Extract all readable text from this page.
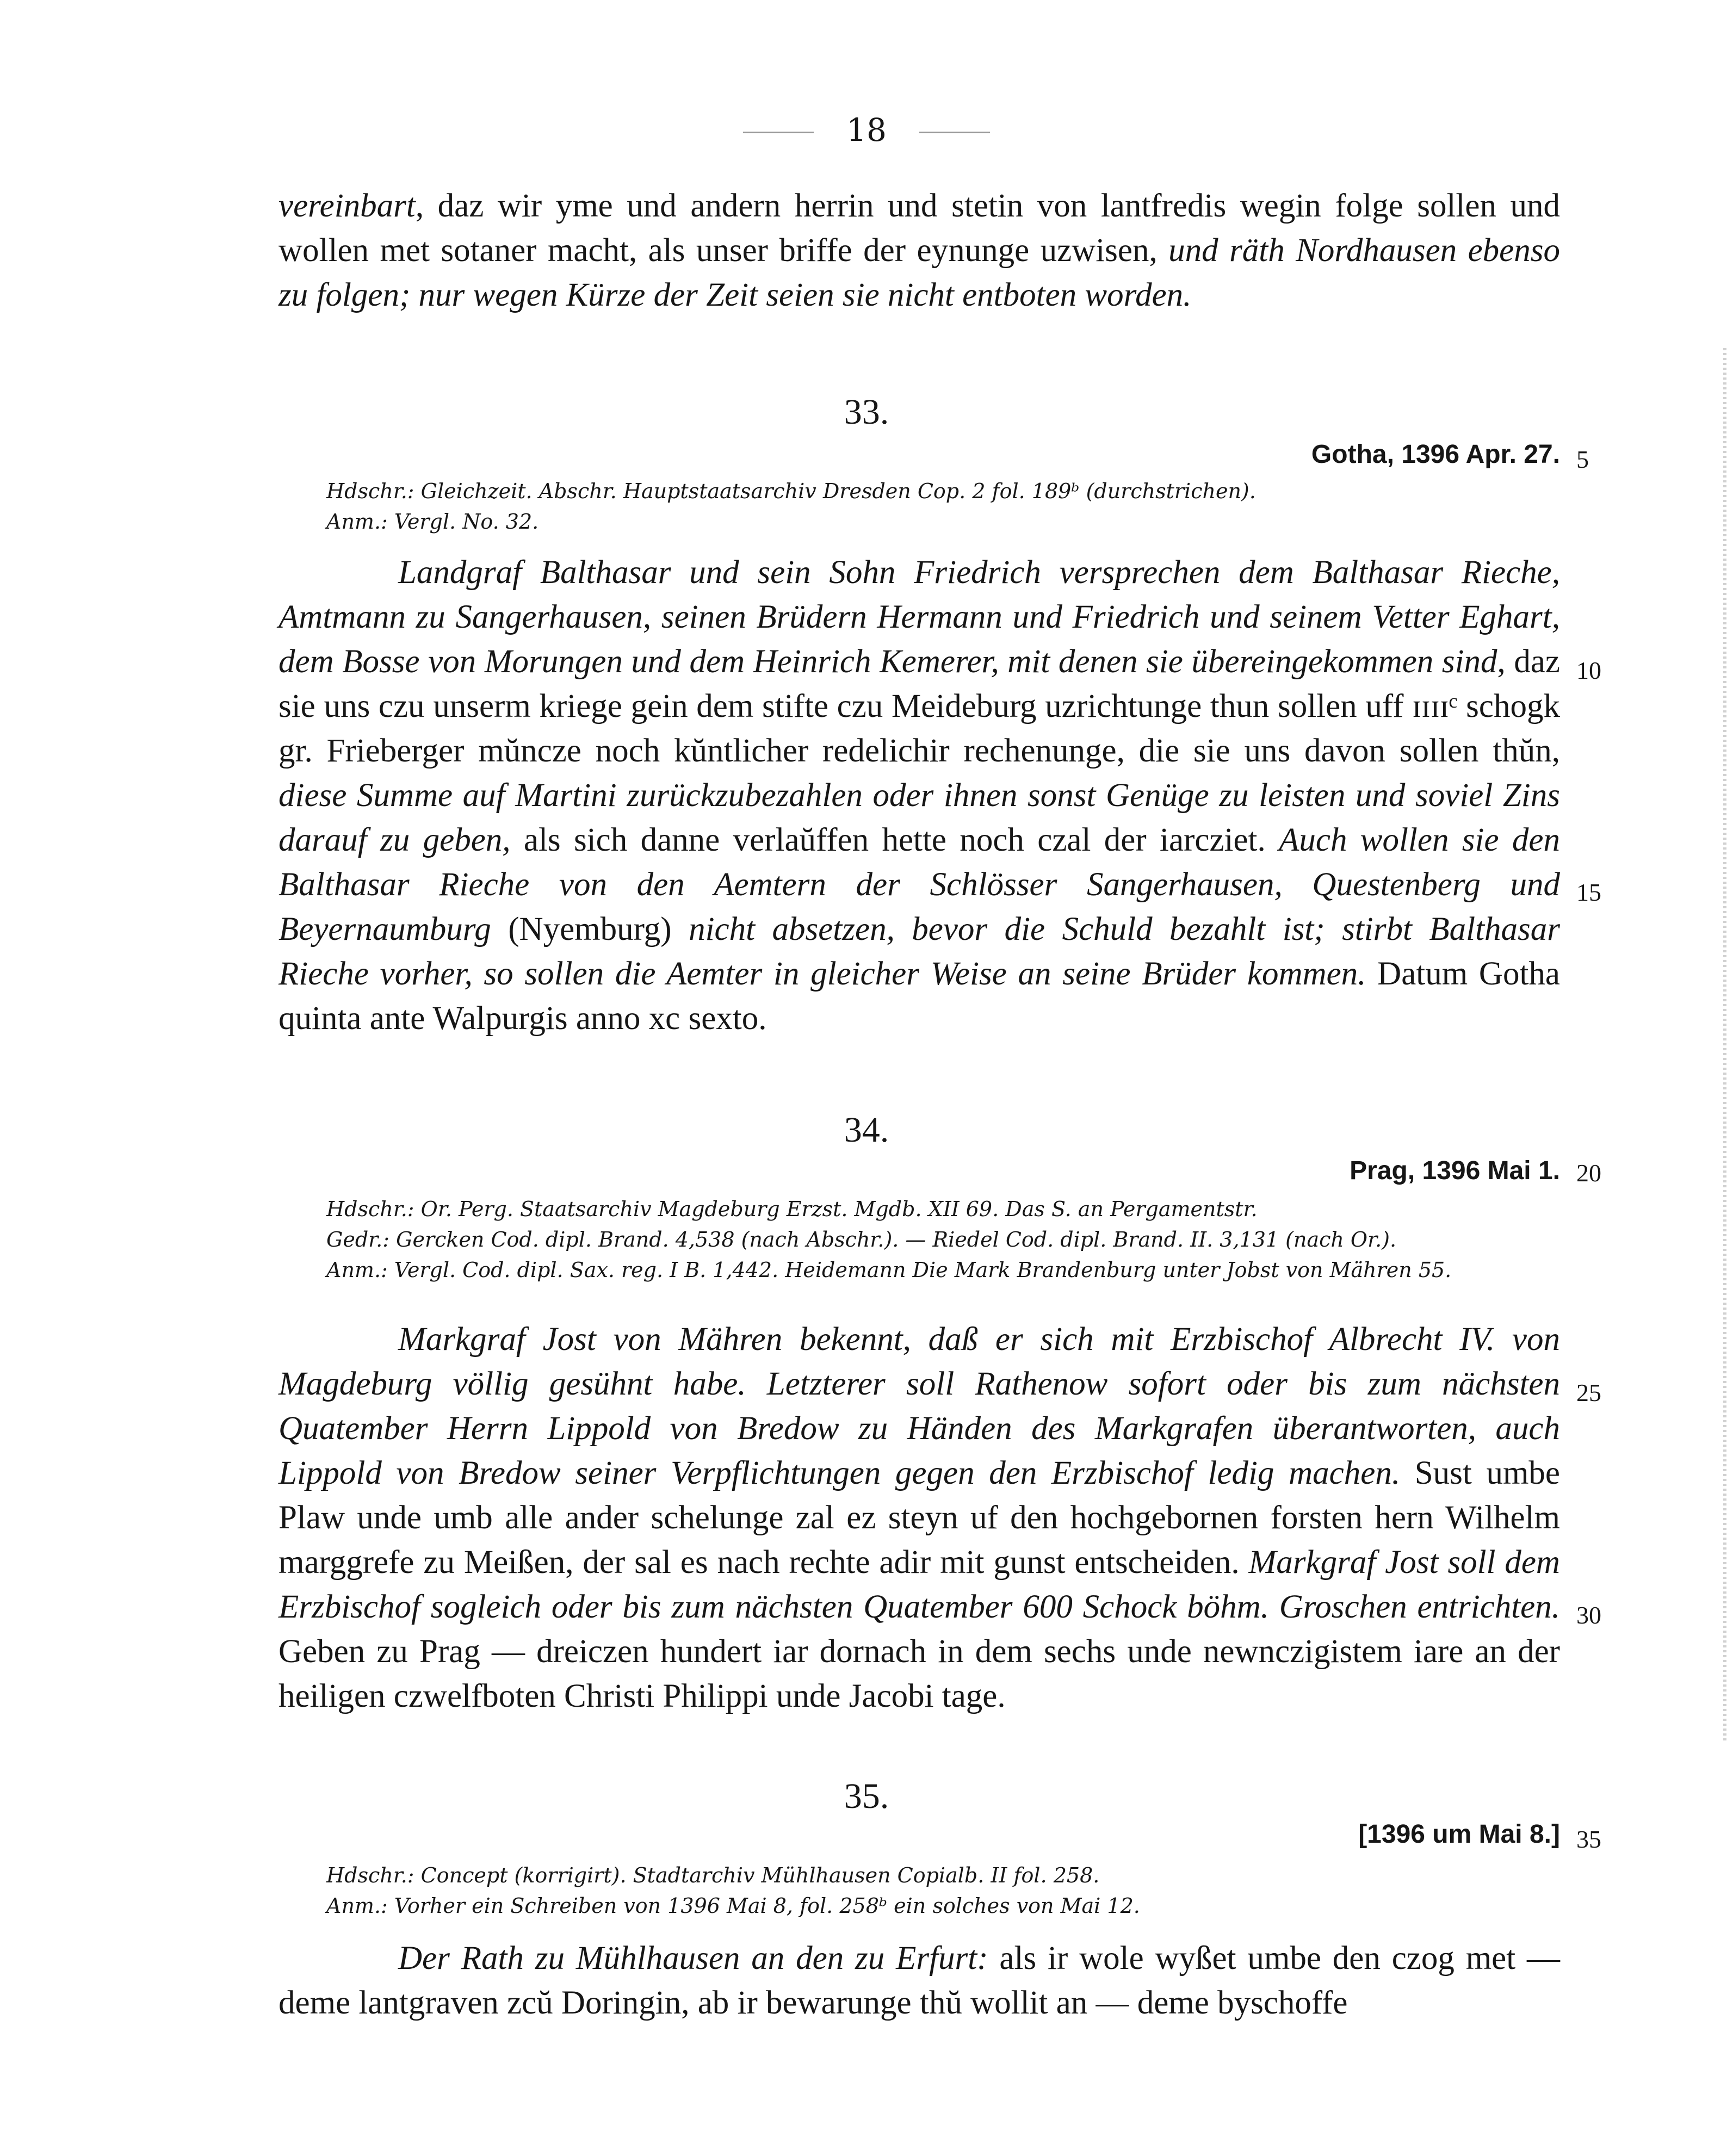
18

vereinbart, daz wir yme und andern herrin und stetin von lantfredis wegin folge sollen und wollen met sotaner macht, als unser briffe der eynunge uzwisen, und räth Nordhausen ebenso zu folgen; nur wegen Kürze der Zeit seien sie nicht entboten worden.

33.

Gotha, 1396 Apr. 27.

Hdschr.: Gleichzeit. Abschr. Hauptstaatsarchiv Dresden Cop. 2 fol. 189ᵇ (durchstrichen).
Anm.: Vergl. No. 32.

Landgraf Balthasar und sein Sohn Friedrich versprechen dem Balthasar Rieche, Amtmann zu Sangerhausen, seinen Brüdern Hermann und Friedrich und seinem Vetter Eghart, dem Bosse von Morungen und dem Heinrich Kemerer, mit denen sie übereingekommen sind, daz sie uns czu unserm kriege gein dem stifte czu Meideburg uzrichtunge thun sollen uff ɪɪɪɪᶜ schogk gr. Frieberger mŭncze noch kŭntlicher redelichir rechenunge, die sie uns davon sollen thŭn, diese Summe auf Martini zurückzubezahlen oder ihnen sonst Genüge zu leisten und soviel Zins darauf zu geben, als sich danne verlaŭffen hette noch czal der iarcziet. Auch wollen sie den Balthasar Rieche von den Aemtern der Schlösser Sangerhausen, Questenberg und Beyernaumburg (Nyemburg) nicht absetzen, bevor die Schuld bezahlt ist; stirbt Balthasar Rieche vorher, so sollen die Aemter in gleicher Weise an seine Brüder kommen. Datum Gotha quinta ante Walpurgis anno xc sexto.

34.

Prag, 1396 Mai 1.

Hdschr.: Or. Perg. Staatsarchiv Magdeburg Erzst. Mgdb. XII 69. Das S. an Pergamentstr.
Gedr.: Gercken Cod. dipl. Brand. 4,538 (nach Abschr.). — Riedel Cod. dipl. Brand. II. 3,131 (nach Or.).
Anm.: Vergl. Cod. dipl. Sax. reg. I B. 1,442. Heidemann Die Mark Brandenburg unter Jobst von Mähren 55.

Markgraf Jost von Mähren bekennt, daß er sich mit Erzbischof Albrecht IV. von Magdeburg völlig gesühnt habe. Letzterer soll Rathenow sofort oder bis zum nächsten Quatember Herrn Lippold von Bredow zu Händen des Markgrafen überantworten, auch Lippold von Bredow seiner Verpflichtungen gegen den Erzbischof ledig machen. Sust umbe Plaw unde umb alle ander schelunge zal ez steyn uf den hochgebornen forsten hern Wilhelm marggrefe zu Meißen, der sal es nach rechte adir mit gunst entscheiden. Markgraf Jost soll dem Erzbischof sogleich oder bis zum nächsten Quatember 600 Schock böhm. Groschen entrichten. Geben zu Prag — dreiczen hundert iar dornach in dem sechs unde newnczigistem iare an der heiligen czwelfboten Christi Philippi unde Jacobi tage.

35.

[1396 um Mai 8.]

Hdschr.: Concept (korrigirt). Stadtarchiv Mühlhausen Copialb. II fol. 258.
Anm.: Vorher ein Schreiben von 1396 Mai 8, fol. 258ᵇ ein solches von Mai 12.

Der Rath zu Mühlhausen an den zu Erfurt: als ir wole wyßet umbe den czog met — deme lantgraven zcŭ Doringin, ab ir bewarunge thŭ wollit an — deme byschoffe

5

10

15

20

25

30

35
